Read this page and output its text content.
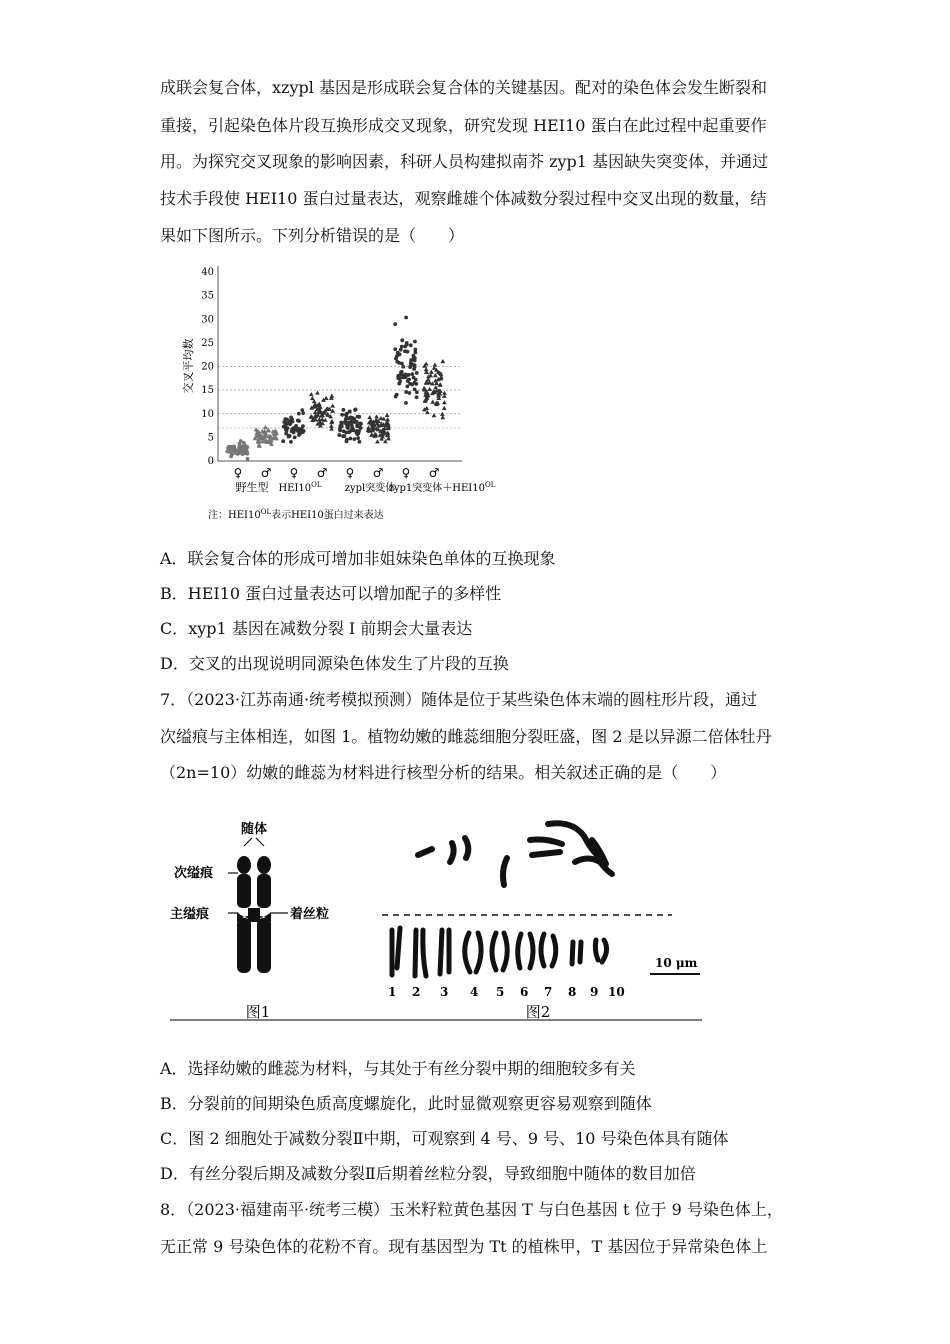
成联会复合体，xzypl 基因是形成联会复合体的关键基因。配对的染色体会发生断裂和
重接，引起染色体片段互换形成交叉现象，研究发现 HEI10 蛋白在此过程中起重要作
用。为探究交叉现象的影响因素，科研人员构建拟南芥 zyp1 基因缺失突变体，并通过
技术手段使 HEI10 蛋白过量表达，观察雌雄个体减数分裂过程中交叉出现的数量，结
果如下图所示。下列分析错误的是（　　）
0
5
10
15
20
25
30
35
40
交叉平均数
♀ ♂ ♀ ♂ ♀ ♂ ♀ ♂
野生型 $HEI10^{OL}$ zypl突变体
zyp1突变体$+HEI10^{OL}$
注：$HEI10^{OL}$表示HEI10蛋白过来表达
A．联会复合体的形成可增加非姐妹染色单体的互换现象
B．HEI10 蛋白过量表达可以增加配子的多样性
C．xyp1 基因在减数分裂 I 前期会大量表达
D．交叉的出现说明同源染色体发生了片段的互换
7．（2023·江苏南通·统考模拟预测）随体是位于某些染色体末端的圆柱形片段，通过
次缢痕与主体相连，如图 1。植物幼嫩的雌蕊细胞分裂旺盛，图 2 是以异源二倍体牡丹
（2n=10）幼嫩的雌蕊为材料进行核型分析的结果。相关叙述正确的是（　　）
随体
次缢痕
主缢痕	着丝粒
图1
1 2 3 4 5 6 7 8 9 10
10 μm
图2
A．选择幼嫩的雌蕊为材料，与其处于有丝分裂中期的细胞较多有关
B．分裂前的间期染色质高度螺旋化，此时显微观察更容易观察到随体
C．图 2 细胞处于减数分裂Ⅱ中期，可观察到 4 号、9 号、10 号染色体具有随体
D．有丝分裂后期及减数分裂Ⅱ后期着丝粒分裂，导致细胞中随体的数目加倍
8．（2023·福建南平·统考三模）玉米籽粒黄色基因 T 与白色基因 t 位于 9 号染色体上，
无正常 9 号染色体的花粉不育。现有基因型为 Tt 的植株甲，T 基因位于异常染色体上
